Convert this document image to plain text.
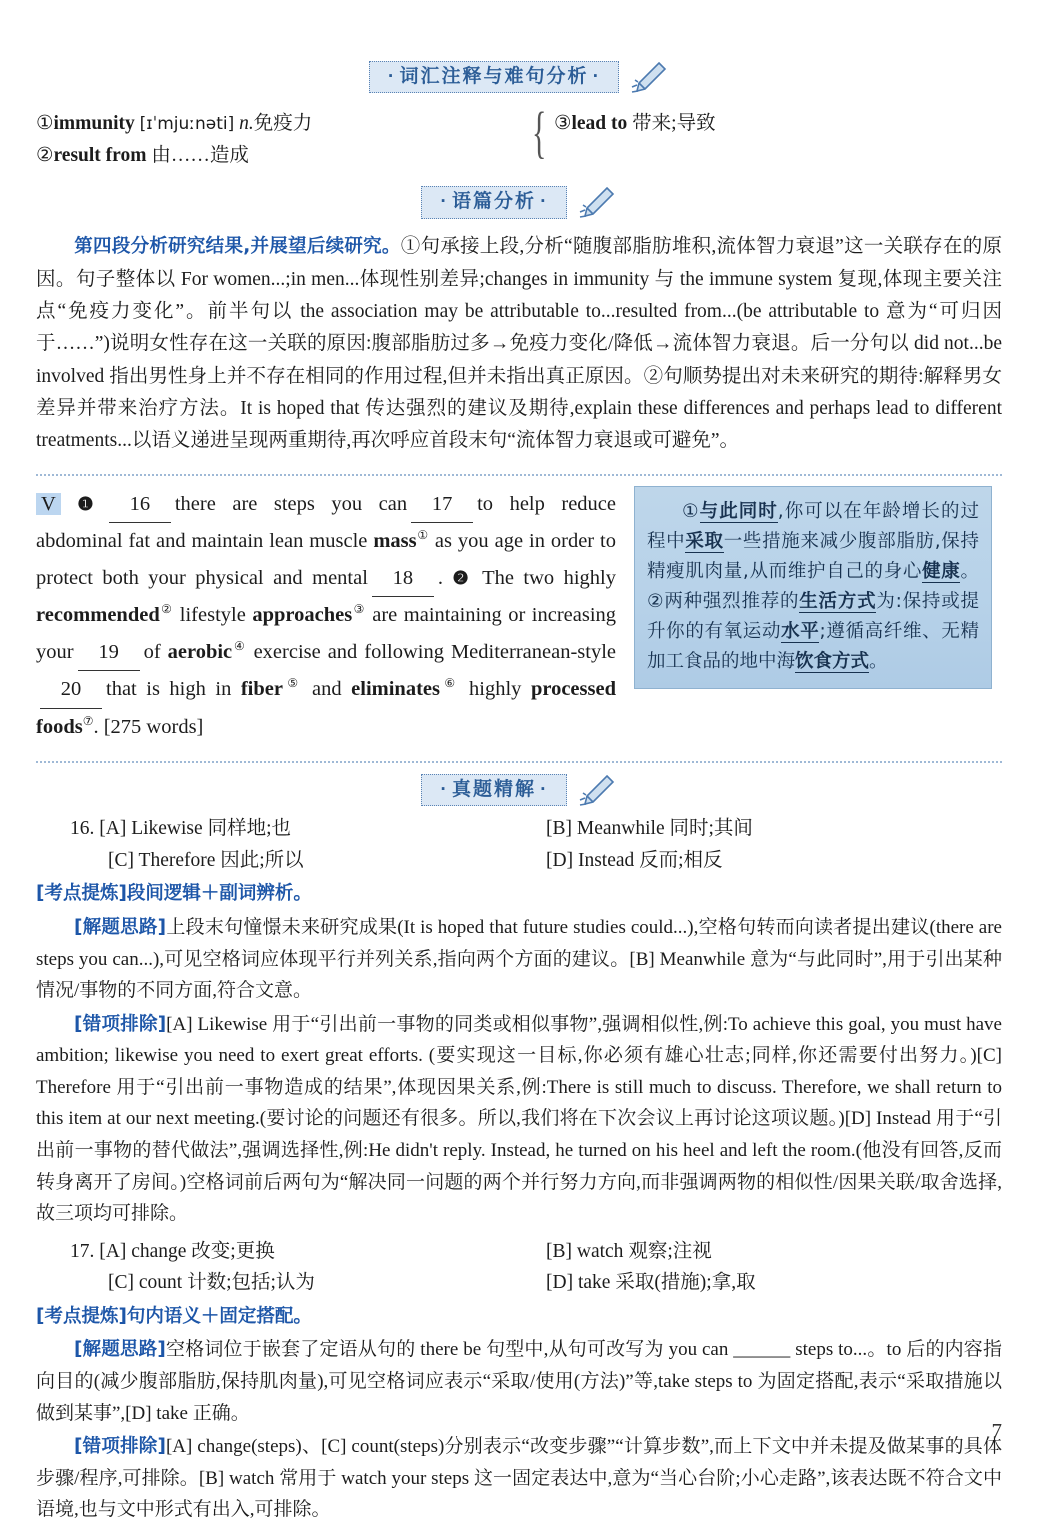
· 词汇注释与难句分析 ·
①immunity [ɪˈmjuːnəti] n.免疫力
②result from 由……造成	{ ③lead to 带来;导致
· 语篇分析 ·
第四段分析研究结果,并展望后续研究。①句承接上段,分析“随腹部脂肪堆积,流体智力衰退”这一关联存在的原因。句子整体以 For women...;in men...体现性别差异;changes in immunity 与 the immune system 复现,体现主要关注点“免疫力变化”。前半句以 the association may be attributable to...resulted from...(be attributable to 意为“可归因于……”)说明女性存在这一关联的原因:腹部脂肪过多→免疫力变化/降低→流体智力衰退。后一分句以 did not...be involved 指出男性身上并不存在相同的作用过程,但并未指出真正原因。②句顺势提出对未来研究的期待:解释男女差异并带来治疗方法。It is hoped that 传达强烈的建议及期待,explain these differences and perhaps lead to different treatments...以语义递进呈现两重期待,再次呼应首段末句“流体智力衰退或可避免”。
V ❶ 16 there are steps you can 17 to help reduce abdominal fat and maintain lean muscle mass① as you age in order to protect both your physical and mental 18 . ❷ The two highly recommended② lifestyle approaches③ are maintaining or increasing your 19 of aerobic④ exercise and following Mediterranean-style20 that is high in fiber⑤ and eliminates⑥ highly processed foods⑦. [275 words]
①与此同时,你可以在年龄增长的过程中采取一些措施来减少腹部脂肪,保持精瘦肌肉量,从而维护自己的身心健康。②两种强烈推荐的生活方式为:保持或提升你的有氧运动水平;遵循高纤维、无精加工食品的地中海饮食方式。
· 真题精解 ·
16. [A] Likewise 同样地;也	[B] Meanwhile 同时;其间
[C] Therefore 因此;所以	[D] Instead 反而;相反
[考点提炼]段间逻辑＋副词辨析。
[解题思路]上段末句憧憬未来研究成果(It is hoped that future studies could...),空格句转而向读者提出建议(there are steps you can...),可见空格词应体现平行并列关系,指向两个方面的建议。[B] Meanwhile 意为“与此同时”,用于引出某种情况/事物的不同方面,符合文意。
[错项排除][A] Likewise 用于“引出前一事物的同类或相似事物”,强调相似性,例:To achieve this goal, you must have ambition; likewise you need to exert great efforts. (要实现这一目标,你必须有雄心壮志;同样,你还需要付出努力。)[C] Therefore 用于“引出前一事物造成的结果”,体现因果关系,例:There is still much to discuss. Therefore, we shall return to this item at our next meeting.(要讨论的问题还有很多。所以,我们将在下次会议上再讨论这项议题。)[D] Instead 用于“引出前一事物的替代做法”,强调选择性,例:He didn't reply. Instead, he turned on his heel and left the room.(他没有回答,反而转身离开了房间。)空格词前后两句为“解决同一问题的两个并行努力方向,而非强调两物的相似性/因果关联/取舍选择,故三项均可排除。
17. [A] change 改变;更换	[B] watch 观察;注视
[C] count 计数;包括;认为	[D] take 采取(措施);拿,取
[考点提炼]句内语义＋固定搭配。
[解题思路]空格词位于嵌套了定语从句的 there be 句型中,从句可改写为 you can ______ steps to...。to 后的内容指向目的(减少腹部脂肪,保持肌肉量),可见空格词应表示“采取/使用(方法)”等,take steps to 为固定搭配,表示“采取措施以做到某事”,[D] take 正确。
[错项排除][A] change(steps)、[C] count(steps)分别表示“改变步骤”“计算步数”,而上下文中并未提及做某事的具体步骤/程序,可排除。[B] watch 常用于 watch your steps 这一固定表达中,意为“当心台阶;小心走路”,该表达既不符合文中语境,也与文中形式有出入,可排除。
7
